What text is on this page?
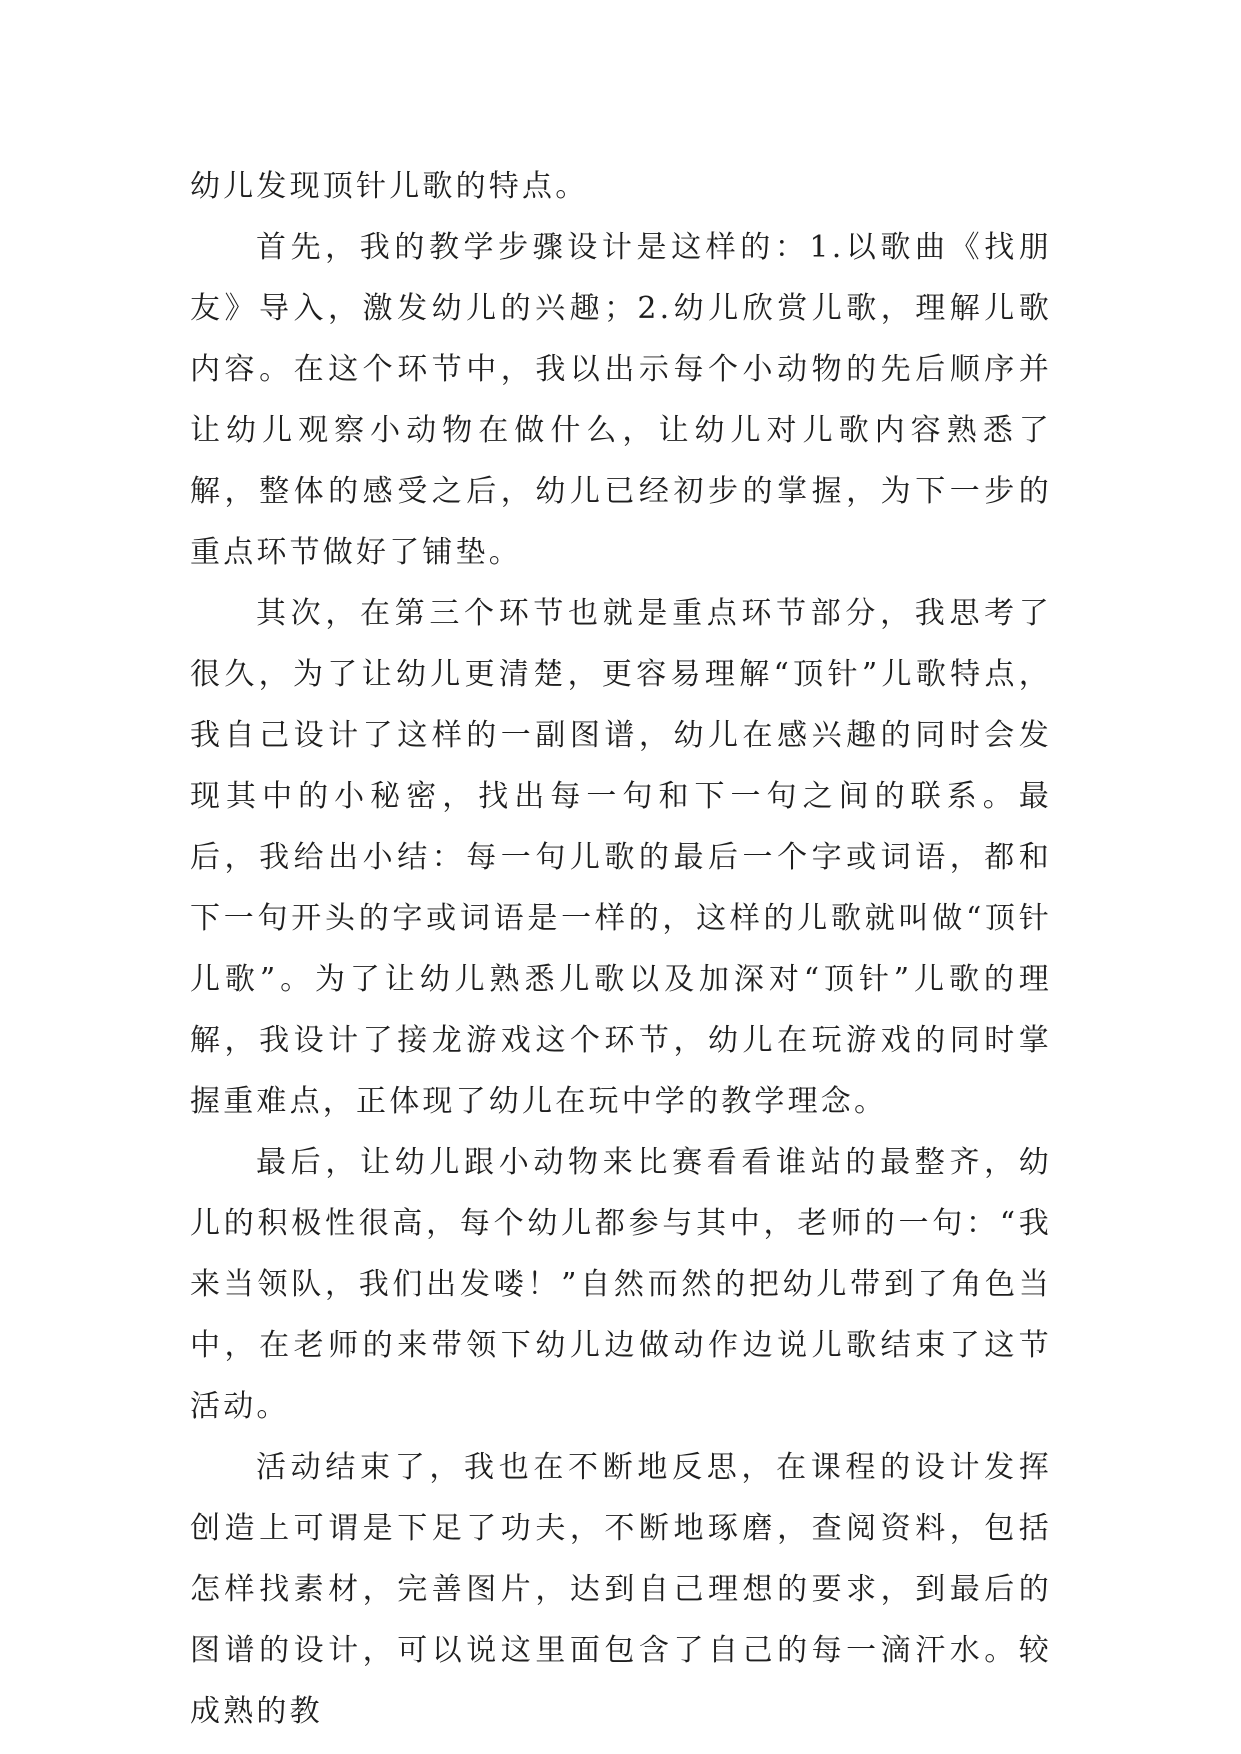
幼儿发现顶针儿歌的特点。

首先，我的教学步骤设计是这样的：1.以歌曲《找朋友》导入，激发幼儿的兴趣；2.幼儿欣赏儿歌，理解儿歌内容。在这个环节中，我以出示每个小动物的先后顺序并让幼儿观察小动物在做什么，让幼儿对儿歌内容熟悉了解，整体的感受之后，幼儿已经初步的掌握，为下一步的重点环节做好了铺垫。

其次，在第三个环节也就是重点环节部分，我思考了很久，为了让幼儿更清楚，更容易理解“顶针”儿歌特点，我自己设计了这样的一副图谱，幼儿在感兴趣的同时会发现其中的小秘密，找出每一句和下一句之间的联系。最后，我给出小结：每一句儿歌的最后一个字或词语，都和下一句开头的字或词语是一样的，这样的儿歌就叫做“顶针儿歌”。为了让幼儿熟悉儿歌以及加深对“顶针”儿歌的理解，我设计了接龙游戏这个环节，幼儿在玩游戏的同时掌握重难点，正体现了幼儿在玩中学的教学理念。

最后，让幼儿跟小动物来比赛看看谁站的最整齐，幼儿的积极性很高，每个幼儿都参与其中，老师的一句：“我来当领队，我们出发喽！”自然而然的把幼儿带到了角色当中，在老师的来带领下幼儿边做动作边说儿歌结束了这节活动。

活动结束了，我也在不断地反思，在课程的设计发挥创造上可谓是下足了功夫，不断地琢磨，查阅资料，包括怎样找素材，完善图片，达到自己理想的要求，到最后的图谱的设计，可以说这里面包含了自己的每一滴汗水。较成熟的教
